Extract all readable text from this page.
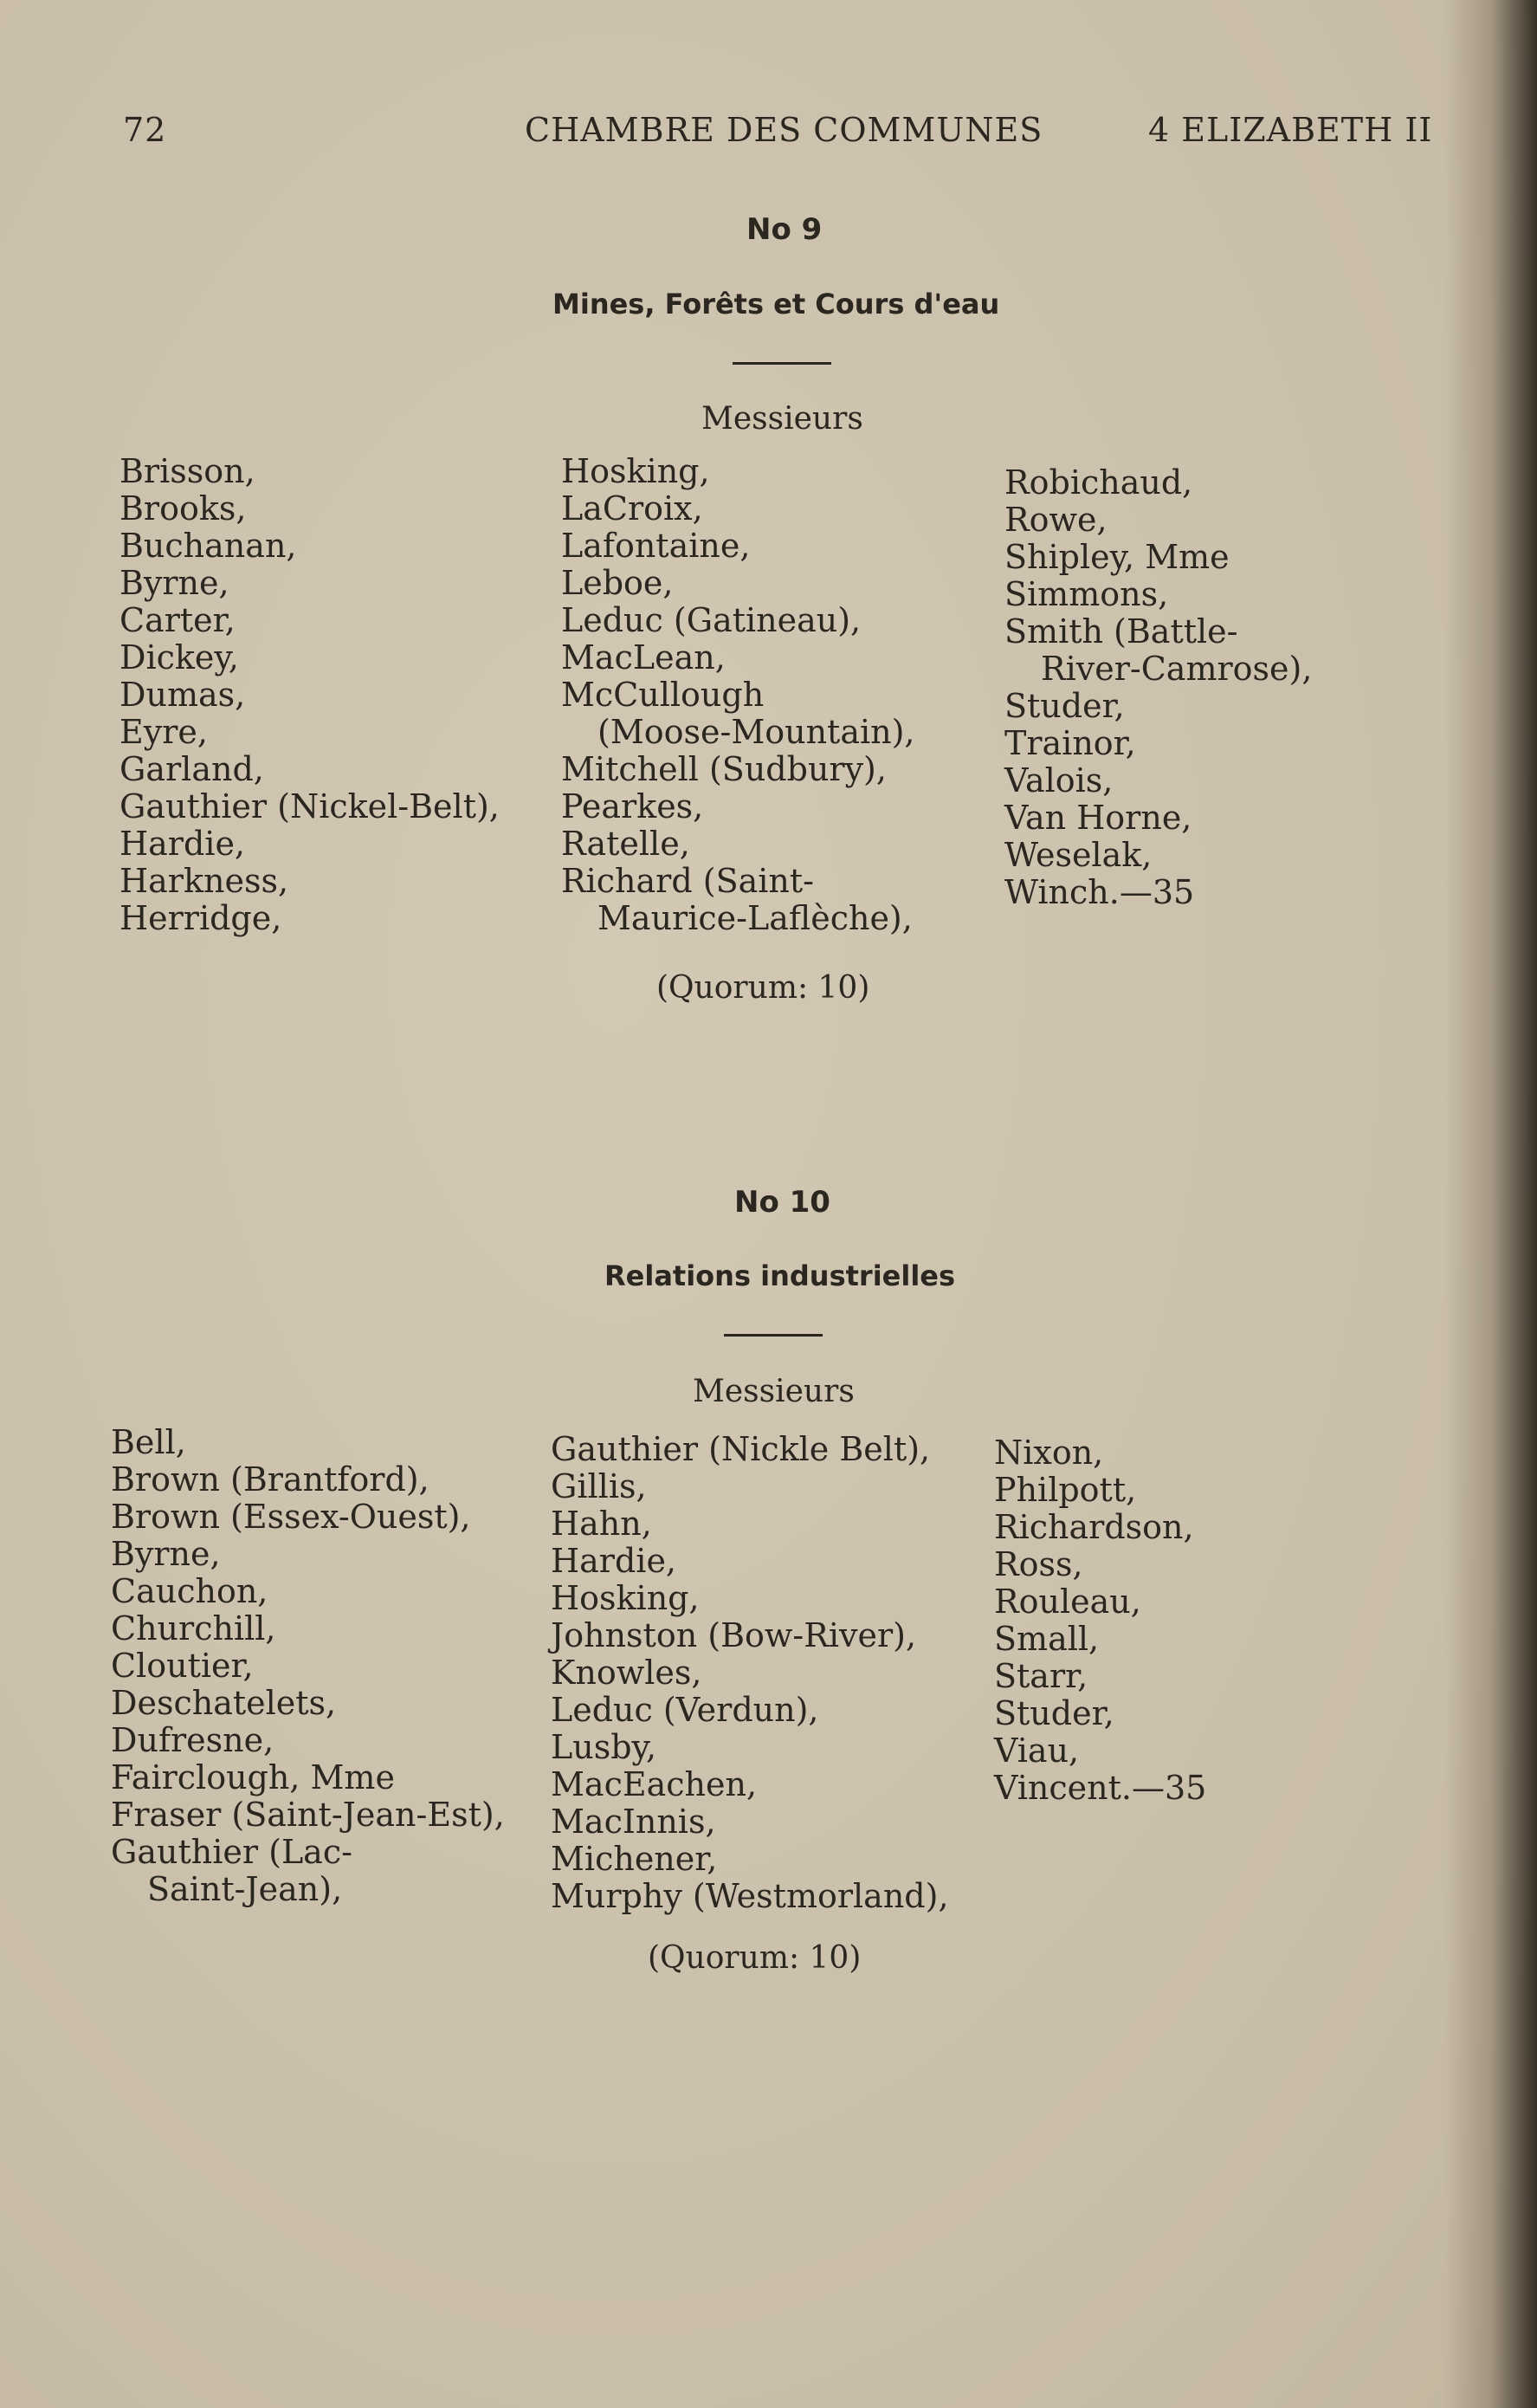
72	CHAMBRE DES COMMUNES	4 ELIZABETH II
No 9
Mines, Forêts et Cours d'eau
Messieurs
Brisson,
Brooks,
Buchanan,
Byrne,
Carter,
Dickey,
Dumas,
Eyre,
Garland,
Gauthier (Nickel-Belt),
Hardie,
Harkness,
Herridge,
Hosking,
LaCroix,
Lafontaine,
Leboe,
Leduc (Gatineau),
MacLean,
McCullough
(Moose-Mountain),
Mitchell (Sudbury),
Pearkes,
Ratelle,
Richard (Saint-
Maurice-Laflèche),
Robichaud,
Rowe,
Shipley, Mme
Simmons,
Smith (Battle-
River-Camrose),
Studer,
Trainor,
Valois,
Van Horne,
Weselak,
Winch.—35
(Quorum: 10)
No 10
Relations industrielles
Messieurs
Bell,
Brown (Brantford),
Brown (Essex-Ouest),
Byrne,
Cauchon,
Churchill,
Cloutier,
Deschatelets,
Dufresne,
Fairclough, Mme
Fraser (Saint-Jean-Est),
Gauthier (Lac-
Saint-Jean),
Gauthier (Nickle Belt),
Gillis,
Hahn,
Hardie,
Hosking,
Johnston (Bow-River),
Knowles,
Leduc (Verdun),
Lusby,
MacEachen,
MacInnis,
Michener,
Murphy (Westmorland),
Nixon,
Philpott,
Richardson,
Ross,
Rouleau,
Small,
Starr,
Studer,
Viau,
Vincent.—35
(Quorum: 10)
